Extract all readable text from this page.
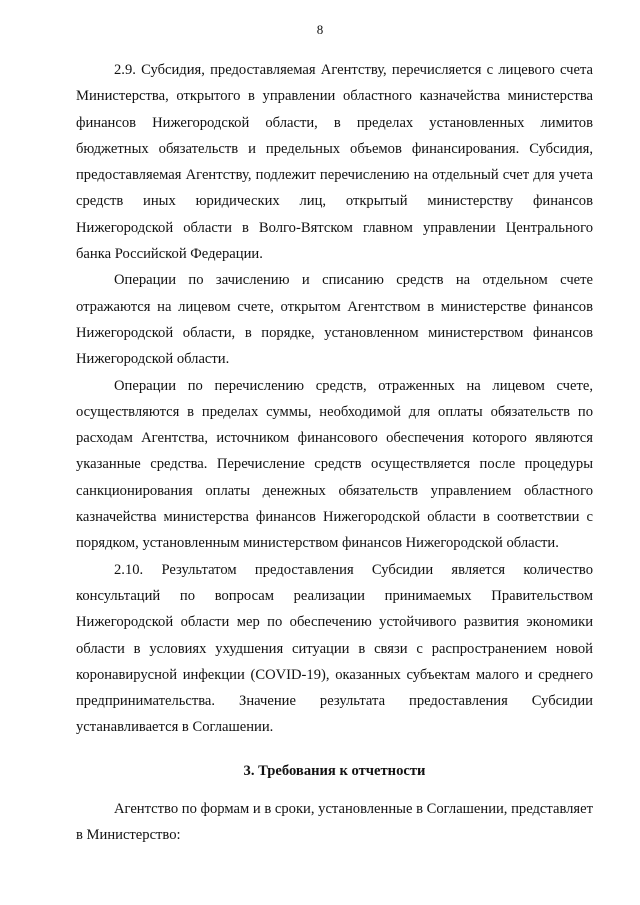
8

2.9. Субсидия, предоставляемая Агентству, перечисляется с лицевого счета Министерства, открытого в управлении областного казначейства министерства финансов Нижегородской области, в пределах установленных лимитов бюджетных обязательств и предельных объемов финансирования. Субсидия, предоставляемая Агентству, подлежит перечислению на отдельный счет для учета средств иных юридических лиц, открытый министерству финансов Нижегородской области в Волго-Вятском главном управлении Центрального банка Российской Федерации.

Операции по зачислению и списанию средств на отдельном счете отражаются на лицевом счете, открытом Агентством в министерстве финансов Нижегородской области, в порядке, установленном министерством финансов Нижегородской области.

Операции по перечислению средств, отраженных на лицевом счете, осуществляются в пределах суммы, необходимой для оплаты обязательств по расходам Агентства, источником финансового обеспечения которого являются указанные средства. Перечисление средств осуществляется после процедуры санкционирования оплаты денежных обязательств управлением областного казначейства министерства финансов Нижегородской области в соответствии с порядком, установленным министерством финансов Нижегородской области.

2.10. Результатом предоставления Субсидии является количество консультаций по вопросам реализации принимаемых Правительством Нижегородской области мер по обеспечению устойчивого развития экономики области в условиях ухудшения ситуации в связи с распространением новой коронавирусной инфекции (COVID-19), оказанных субъектам малого и среднего предпринимательства. Значение результата предоставления Субсидии устанавливается в Соглашении.

3. Требования к отчетности

Агентство по формам и в сроки, установленные в Соглашении, представляет в Министерство:
